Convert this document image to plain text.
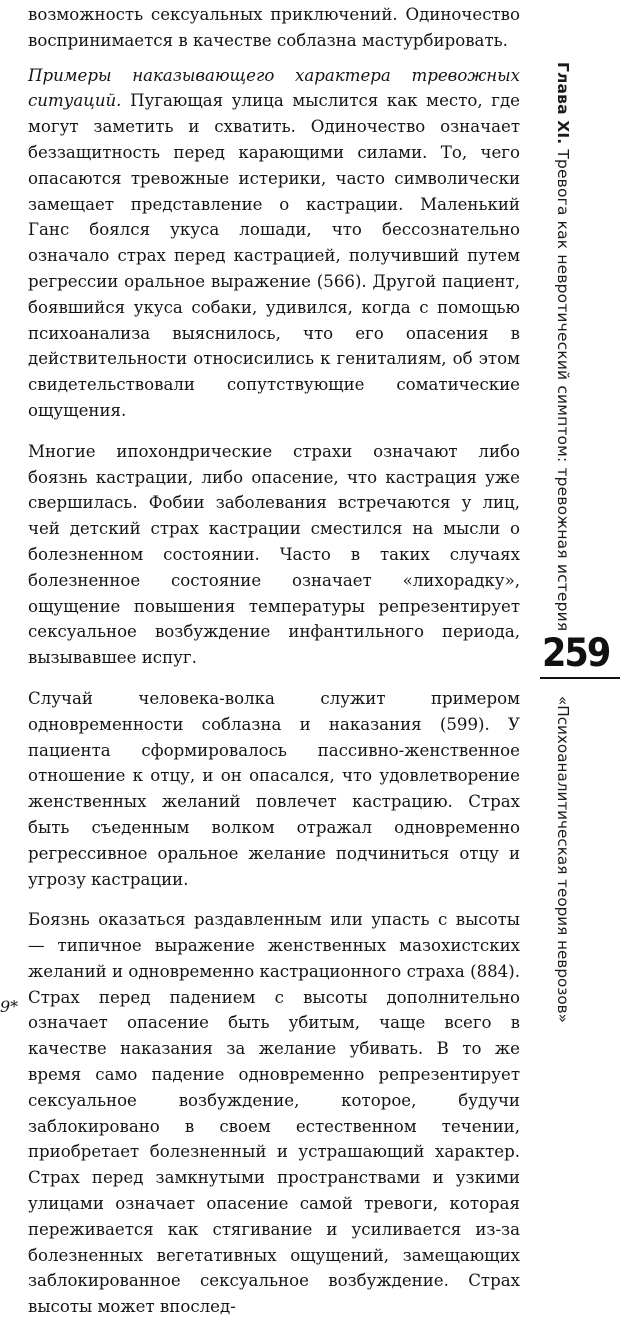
возможность сексуальных приключений. Одиночество воспринимается в качестве соблазна мастурбировать.

Примеры наказывающего характера тревожных ситуаций. Пугающая улица мыслится как место, где могут заметить и схватить. Одиночество означает беззащитность перед карающими силами. То, чего опасаются тревожные истерики, часто символически замещает представление о кастрации. Маленький Ганс боялся укуса лошади, что бессознательно означало страх перед кастрацией, получивший путем регрессии оральное выражение (566). Другой пациент, боявшийся укуса собаки, удивился, когда с помощью психоанализа выяснилось, что его опасения в действительности относисились к гениталиям, об этом свидетельствовали сопутствующие соматические ощущения.

Многие ипохондрические страхи означают либо боязнь кастрации, либо опасение, что кастрация уже свершилась. Фобии заболевания встречаются у лиц, чей детский страх кастрации сместился на мысли о болезненном состоянии. Часто в таких случаях болезненное состояние означает «лихорадку», ощущение повышения температуры репрезентирует сексуальное возбуждение инфантильного периода, вызывавшее испуг.

Случай человека-волка служит примером одновременности соблазна и наказания (599). У пациента сформировалось пассивно-женственное отношение к отцу, и он опасался, что удовлетворение женственных желаний повлечет кастрацию. Страх быть съеденным волком отражал одновременно регрессивное оральное желание подчиниться отцу и угрозу кастрации.

Боязнь оказаться раздавленным или упасть с высоты — типичное выражение женственных мазохистских желаний и одновременно кастрационного страха (884). Страх перед падением с высоты дополнительно означает опасение быть убитым, чаще всего в качестве наказания за желание убивать. В то же время само падение одновременно репрезентирует сексуальное возбуждение, которое, будучи заблокировано в своем естественном течении, приобретает болезненный и устрашающий характер. Страх перед замкнутыми пространствами и узкими улицами означает опасение самой тревоги, которая переживается как стягивание и усиливается из-за болезненных вегетативных ощущений, замещающих заблокированное сексуальное возбуждение. Страх высоты может впослед-

Глава XI. Тревога как невротический симптом: тревожная истерия
259
«Психоаналитическая теория неврозов»
9*
